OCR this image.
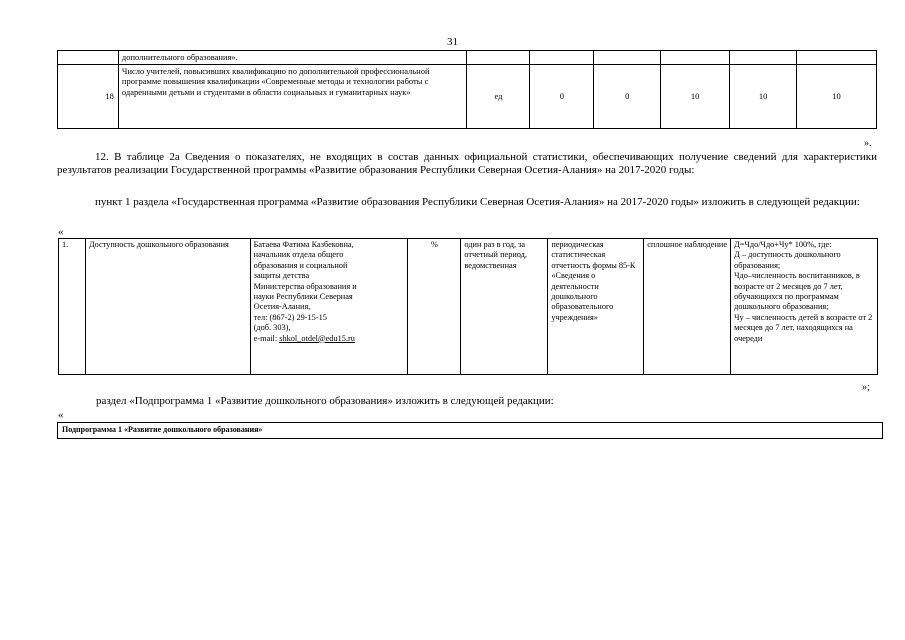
31
	дополнительного образования».						
18	Число учителей, повысивших квалификацию по дополнительной профессиональной программе повышения квалификации «Современные методы и технологии работы с одаренными детьми и студентами в области социальных и гуманитарных наук»	ед	0	0	10	10	10
».
12. В таблице 2а Сведения о показателях, не входящих в состав данных официальной статистики, обеспечивающих получение сведений для характеристики результатов реализации Государственной программы «Развитие образования Республики Северная Осетия-Алания» на 2017-2020 годы:
пункт 1 раздела «Государственная программа «Развитие образования Республики Северная Осетия-Алания» на 2017-2020 годы» изложить в следующей редакции:
«
1.	Доступность дошкольного образования	Батаева Фатима Казбековна,
начальник отдела общего
образования и социальной
защиты детства
Министерства образования и
науки Республики Северная
Осетия-Алания,
тел: (867-2) 29-15-15
(доб. 303),
e-mail: shkol_otdel@edu15.ru
	%	один раз в год, за отчетный период, ведомственная	периодическая статистическая отчетность формы 85-К «Сведения о деятельности дошкольного образовательного учреждения»	сплошное наблюдение	Д=Чдо/Чдо+Чу* 100%, где:
Д – доступность дошкольного образования;
Чдо–численность воспитанников, в возрасте от 2 месяцев до 7 лет, обучающихся по программам дошкольного образования;
Чу – численность детей в возрасте от 2 месяцев до 7 лет, находящихся на очереди
»;
раздел «Подпрограмма 1 «Развитие дошкольного образования» изложить в следующей редакции:
«
Подпрограмма 1 «Развитие дошкольного образования»
